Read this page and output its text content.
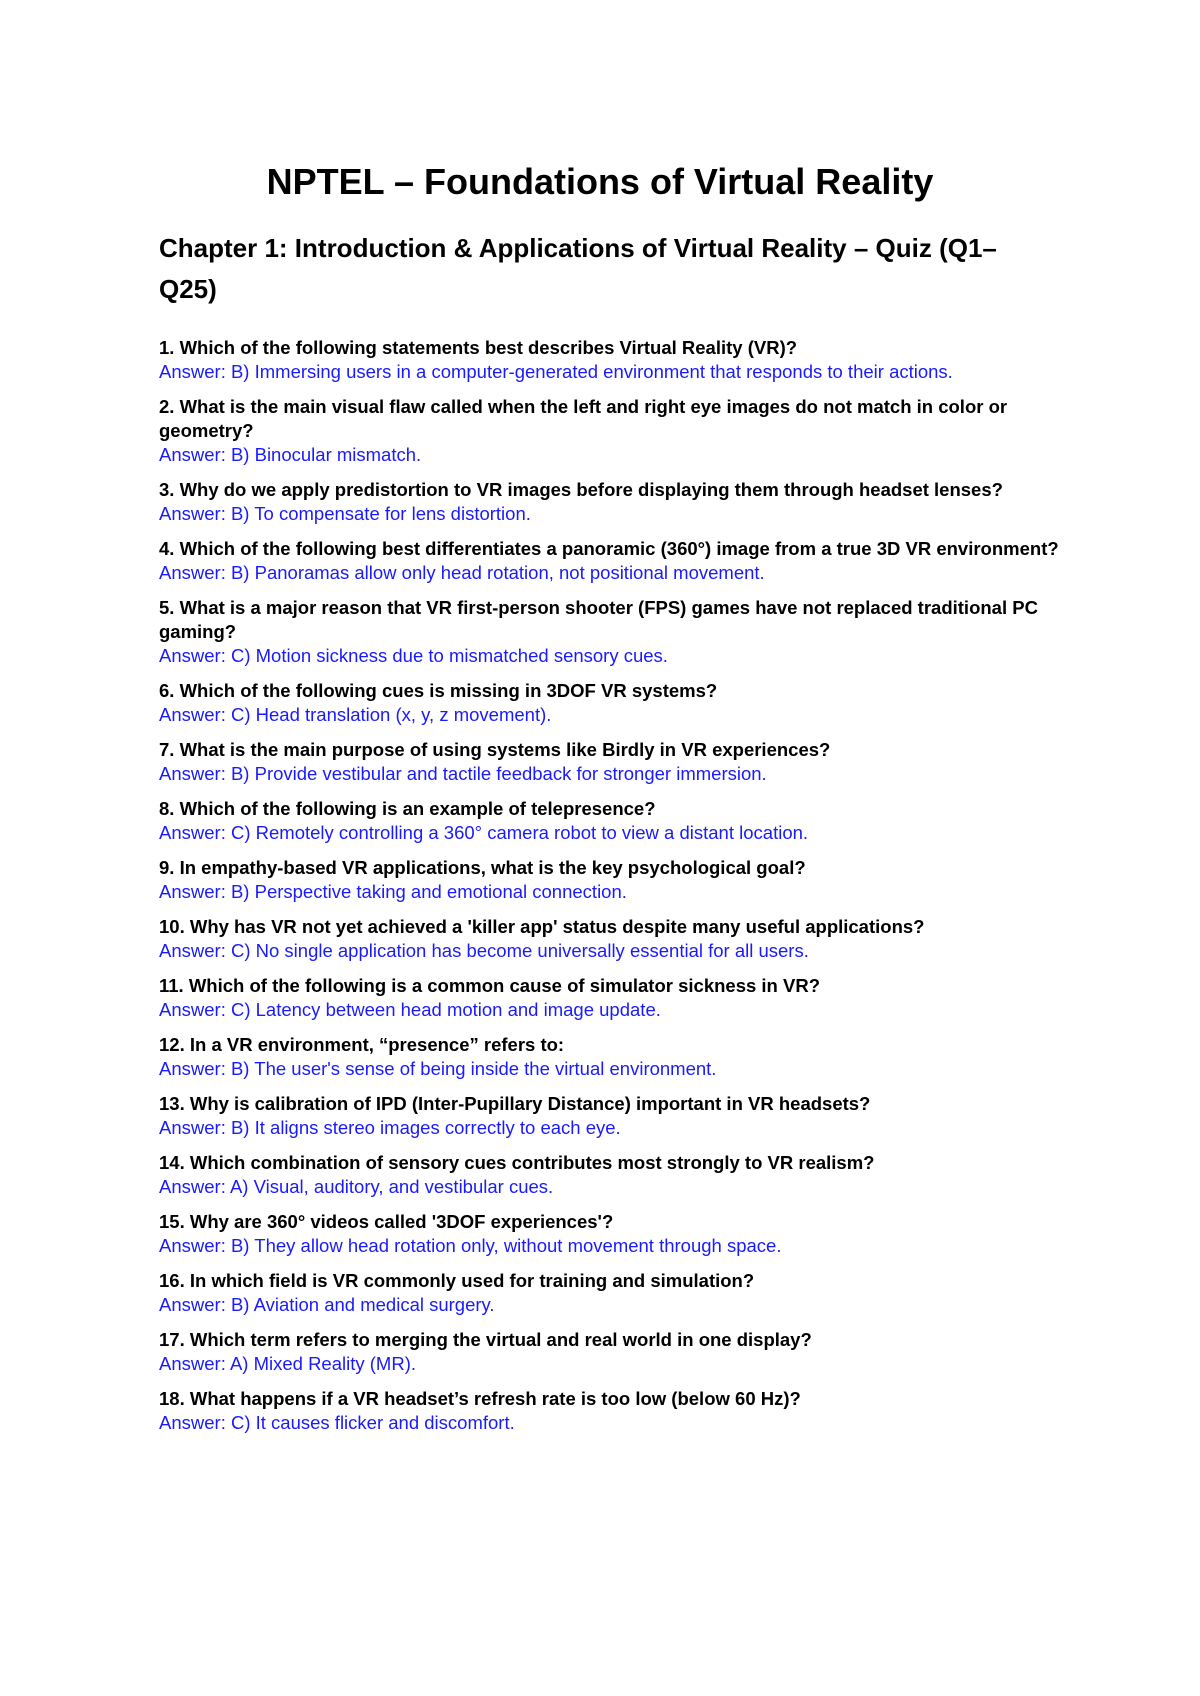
NPTEL – Foundations of Virtual Reality
Chapter 1: Introduction & Applications of Virtual Reality – Quiz (Q1–Q25)

1. Which of the following statements best describes Virtual Reality (VR)?

Answer: B) Immersing users in a computer-generated environment that responds to their actions.

2. What is the main visual flaw called when the left and right eye images do not match in color or geometry?

Answer: B) Binocular mismatch.

3. Why do we apply predistortion to VR images before displaying them through headset lenses?

Answer: B) To compensate for lens distortion.

4. Which of the following best differentiates a panoramic (360°) image from a true 3D VR environment?

Answer: B) Panoramas allow only head rotation, not positional movement.

5. What is a major reason that VR first-person shooter (FPS) games have not replaced traditional PC gaming?

Answer: C) Motion sickness due to mismatched sensory cues.

6. Which of the following cues is missing in 3DOF VR systems?

Answer: C) Head translation (x, y, z movement).

7. What is the main purpose of using systems like Birdly in VR experiences?

Answer: B) Provide vestibular and tactile feedback for stronger immersion.

8. Which of the following is an example of telepresence?

Answer: C) Remotely controlling a 360° camera robot to view a distant location.

9. In empathy-based VR applications, what is the key psychological goal?

Answer: B) Perspective taking and emotional connection.

10. Why has VR not yet achieved a 'killer app' status despite many useful applications?

Answer: C) No single application has become universally essential for all users.

11. Which of the following is a common cause of simulator sickness in VR?

Answer: C) Latency between head motion and image update.

12. In a VR environment, “presence” refers to:

Answer: B) The user's sense of being inside the virtual environment.

13. Why is calibration of IPD (Inter-Pupillary Distance) important in VR headsets?

Answer: B) It aligns stereo images correctly to each eye.

14. Which combination of sensory cues contributes most strongly to VR realism?

Answer: A) Visual, auditory, and vestibular cues.

15. Why are 360° videos called '3DOF experiences'?

Answer: B) They allow head rotation only, without movement through space.

16. In which field is VR commonly used for training and simulation?

Answer: B) Aviation and medical surgery.

17. Which term refers to merging the virtual and real world in one display?

Answer: A) Mixed Reality (MR).

18. What happens if a VR headset’s refresh rate is too low (below 60 Hz)?

Answer: C) It causes flicker and discomfort.
